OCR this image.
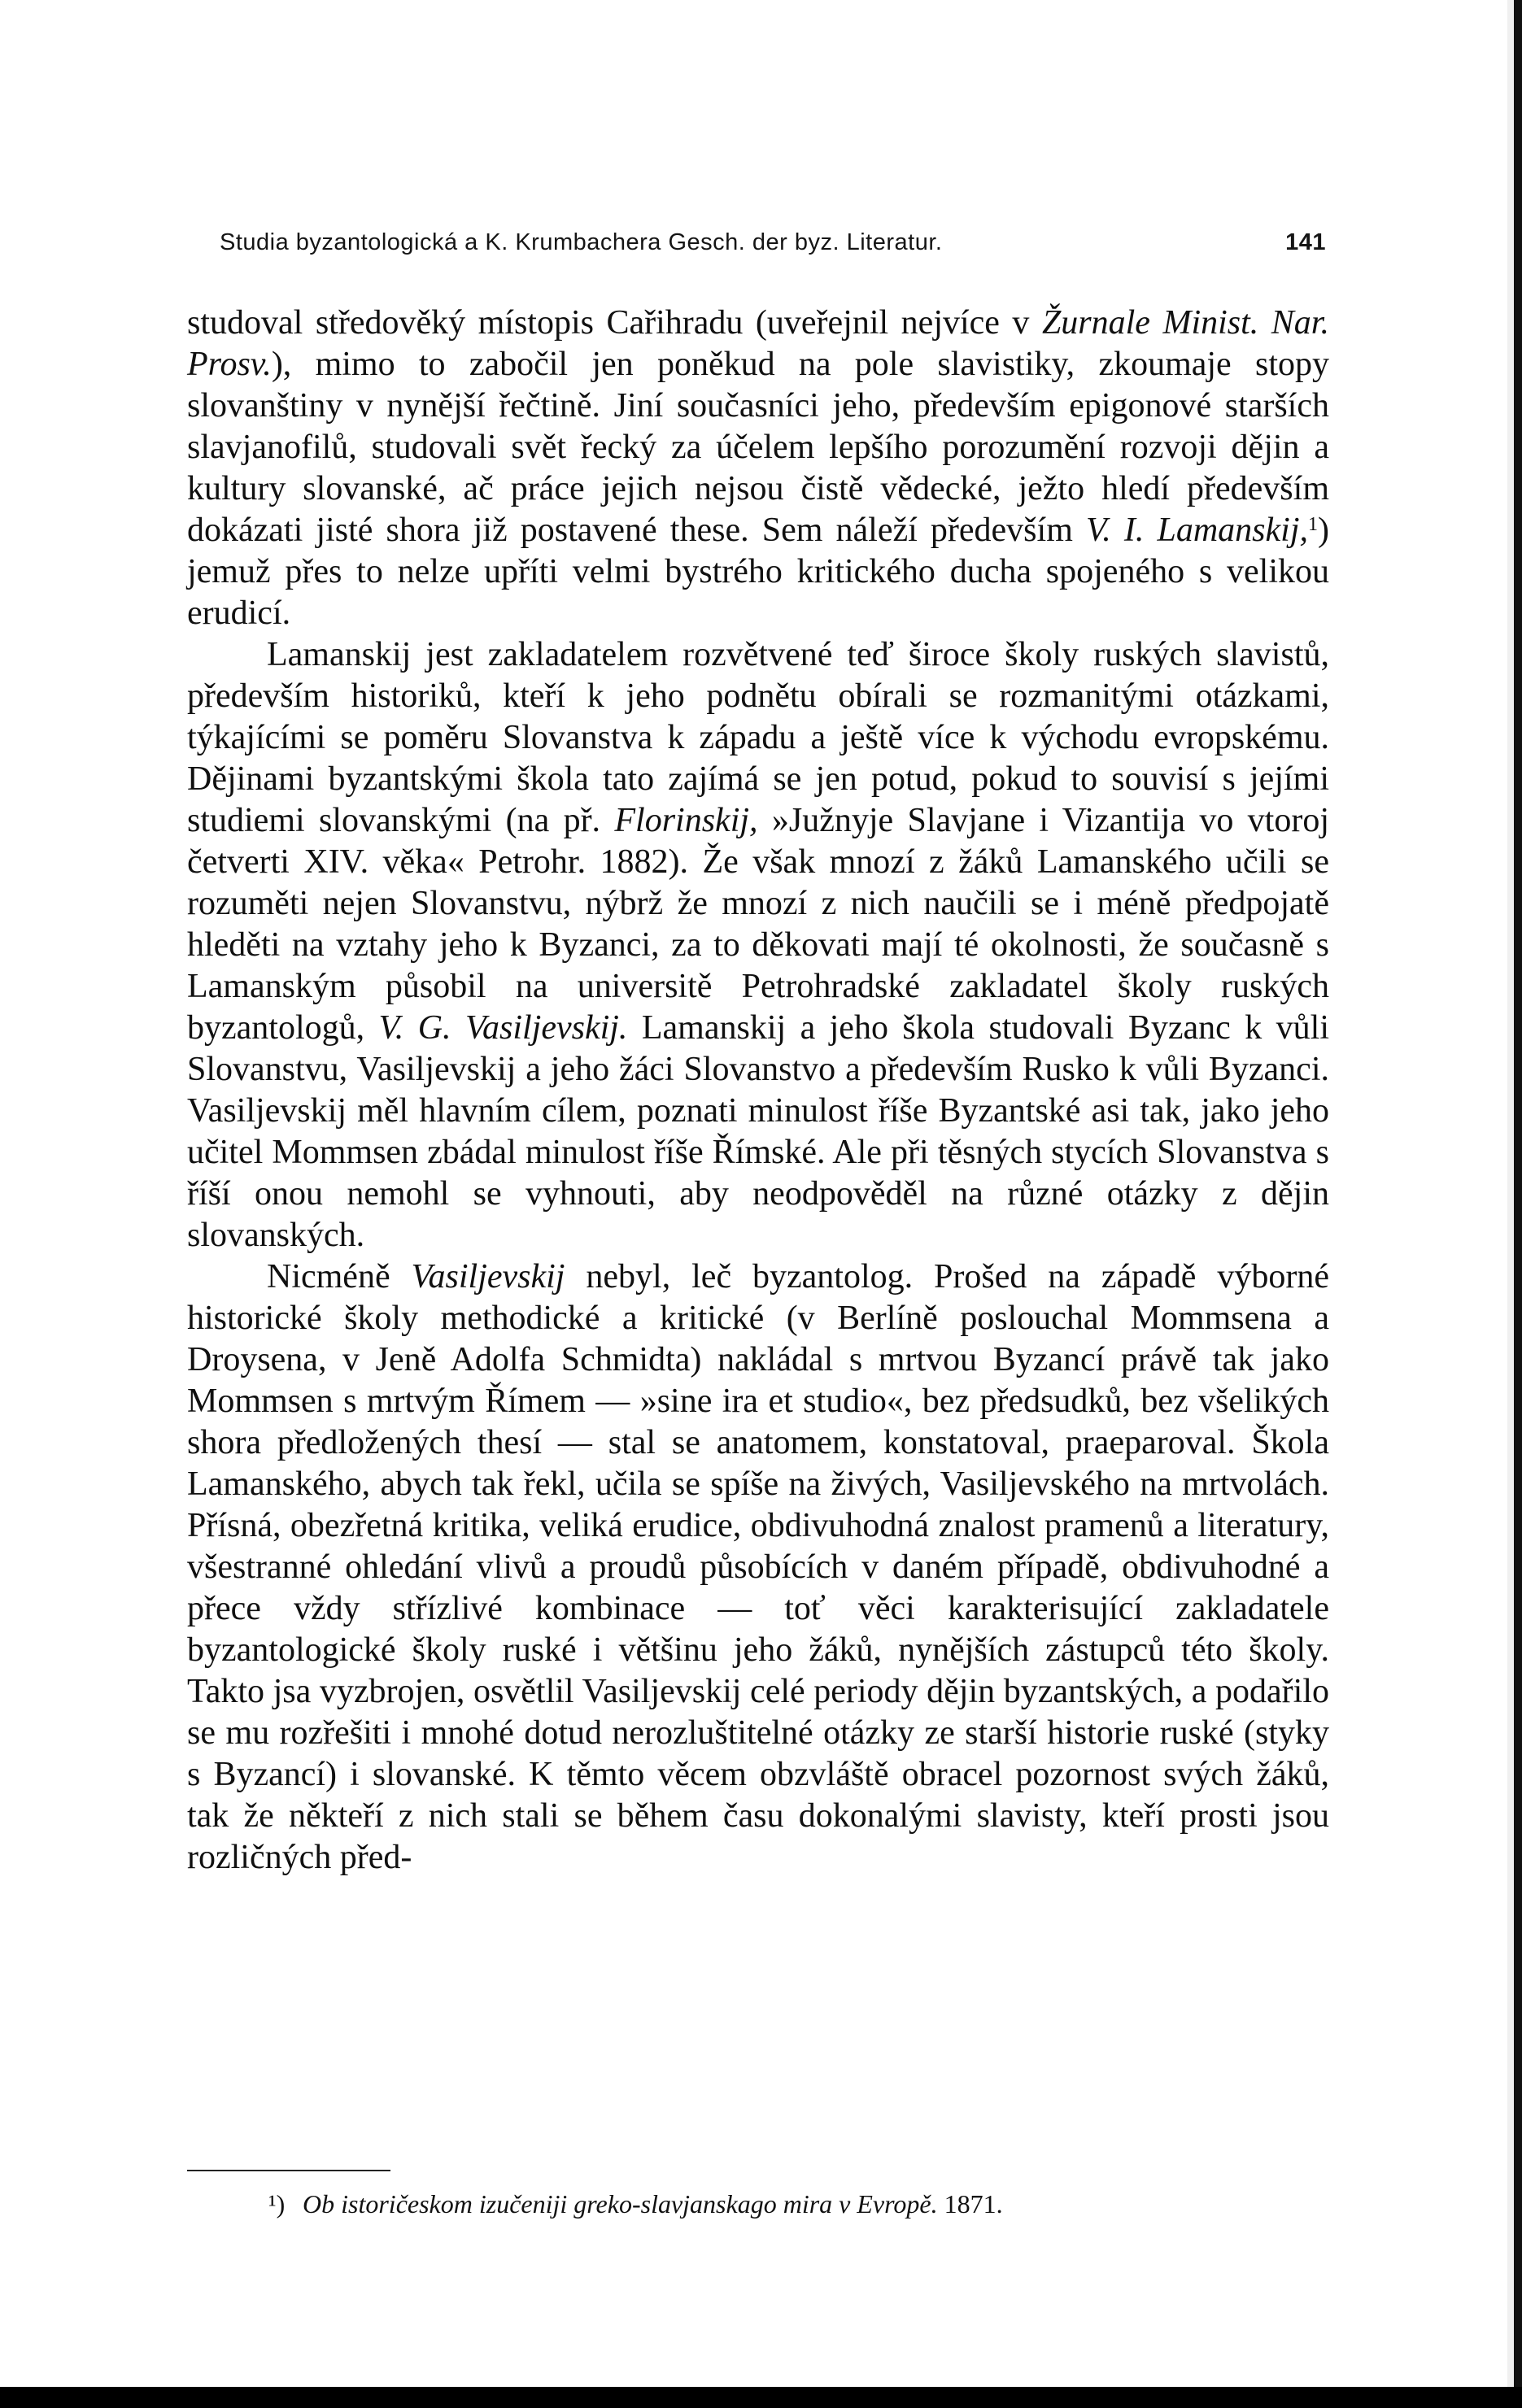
Studia byzantologická a K. Krumbachera Gesch. der byz. Literatur.	141

studoval středověký místopis Cařihradu (uveřejnil nejvíce v Žurnale Minist. Nar. Prosv.), mimo to zabočil jen poněkud na pole slavistiky, zkoumaje stopy slovanštiny v nynější řečtině. Jiní současníci jeho, především epigonové starších slavjanofilů, studovali svět řecký za účelem lepšího porozumění rozvoji dějin a kultury slovanské, ač práce jejich nejsou čistě vědecké, ježto hledí především dokázati jisté shora již postavené these. Sem náleží především V. I. Lamanskij,$^1$) jemuž přes to nelze upříti velmi bystrého kritického ducha spojeného s velikou erudicí.

Lamanskij jest zakladatelem rozvětvené teď široce školy ruských slavistů, především historiků, kteří k jeho podnětu obírali se rozmanitými otázkami, týkajícími se poměru Slovanstva k západu a ještě více k východu evropskému. Dějinami byzantskými škola tato zajímá se jen potud, pokud to souvisí s jejími studiemi slovanskými (na př. Florinskij, »Južnyje Slavjane i Vizantija vo vtoroj četverti XIV. věka« Petrohr. 1882). Že však mnozí z žáků Lamanského učili se rozuměti nejen Slovanstvu, nýbrž že mnozí z nich naučili se i méně předpojatě hleděti na vztahy jeho k Byzanci, za to děkovati mají té okolnosti, že současně s Lamanským působil na universitě Petrohradské zakladatel školy ruských byzantologů, V. G. Vasiljevskij. Lamanskij a jeho škola studovali Byzanc k vůli Slovanstvu, Vasiljevskij a jeho žáci Slovanstvo a především Rusko k vůli Byzanci. Vasiljevskij měl hlavním cílem, poznati minulost říše Byzantské asi tak, jako jeho učitel Mommsen zbádal minulost říše Římské. Ale při těsných stycích Slovanstva s říší onou nemohl se vyhnouti, aby neodpověděl na různé otázky z dějin slovanských.

Nicméně Vasiljevskij nebyl, leč byzantolog. Prošed na západě výborné historické školy methodické a kritické (v Berlíně poslouchal Mommsena a Droysena, v Jeně Adolfa Schmidta) nakládal s mrtvou Byzancí právě tak jako Mommsen s mrtvým Římem — »sine ira et studio«, bez předsudků, bez všelikých shora předložených thesí — stal se anatomem, konstatoval, praeparoval. Škola Lamanského, abych tak řekl, učila se spíše na živých, Vasiljevského na mrtvolách. Přísná, obezřetná kritika, veliká erudice, obdivuhodná znalost pramenů a literatury, všestranné ohledání vlivů a proudů působících v daném případě, obdivuhodné a přece vždy střízlivé kombinace — toť věci karakterisující zakladatele byzantologické školy ruské i většinu jeho žáků, nynějších zástupců této školy. Takto jsa vyzbrojen, osvětlil Vasiljevskij celé periody dějin byzantských, a podařilo se mu rozřešiti i mnohé dotud nerozluštitelné otázky ze starší historie ruské (styky s Byzancí) i slovanské. K těmto věcem obzvláště obracel pozornost svých žáků, tak že někteří z nich stali se během času dokonalými slavisty, kteří prosti jsou rozličných před-

¹) Ob istoričeskom izučeniji greko-slavjanskago mira v Evropě. 1871.
